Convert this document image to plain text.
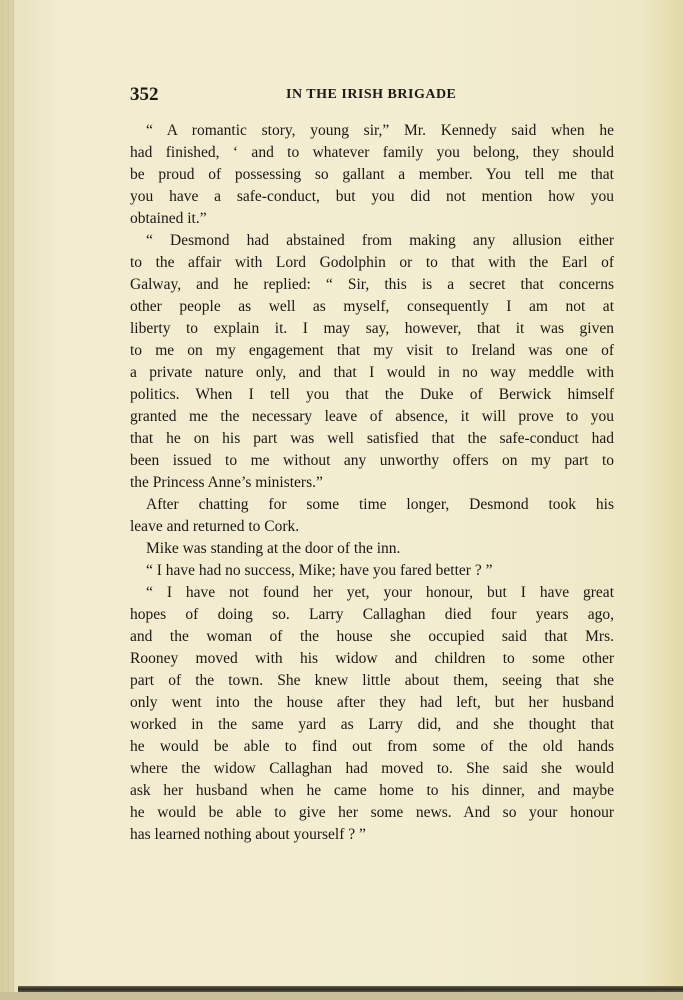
352	IN THE IRISH BRIGADE
“ A romantic story, young sir,” Mr. Kennedy said when he
had finished, ‘ and to whatever family you belong, they should
be proud of possessing so gallant a member. You tell me that
you have a safe-conduct, but you did not mention how you
obtained it.”
“ Desmond had abstained from making any allusion either
to the affair with Lord Godolphin or to that with the Earl of
Galway, and he replied: “ Sir, this is a secret that concerns
other people as well as myself, consequently I am not at
liberty to explain it. I may say, however, that it was given
to me on my engagement that my visit to Ireland was one of
a private nature only, and that I would in no way meddle with
politics. When I tell you that the Duke of Berwick himself
granted me the necessary leave of absence, it will prove to you
that he on his part was well satisfied that the safe-conduct had
been issued to me without any unworthy offers on my part to
the Princess Anne’s ministers.”
After chatting for some time longer, Desmond took his
leave and returned to Cork.
Mike was standing at the door of the inn.
“ I have had no success, Mike; have you fared better ? ”
“ I have not found her yet, your honour, but I have great
hopes of doing so. Larry Callaghan died four years ago,
and the woman of the house she occupied said that Mrs.
Rooney moved with his widow and children to some other
part of the town. She knew little about them, seeing that she
only went into the house after they had left, but her husband
worked in the same yard as Larry did, and she thought that
he would be able to find out from some of the old hands
where the widow Callaghan had moved to. She said she would
ask her husband when he came home to his dinner, and maybe
he would be able to give her some news. And so your honour
has learned nothing about yourself ? ”
